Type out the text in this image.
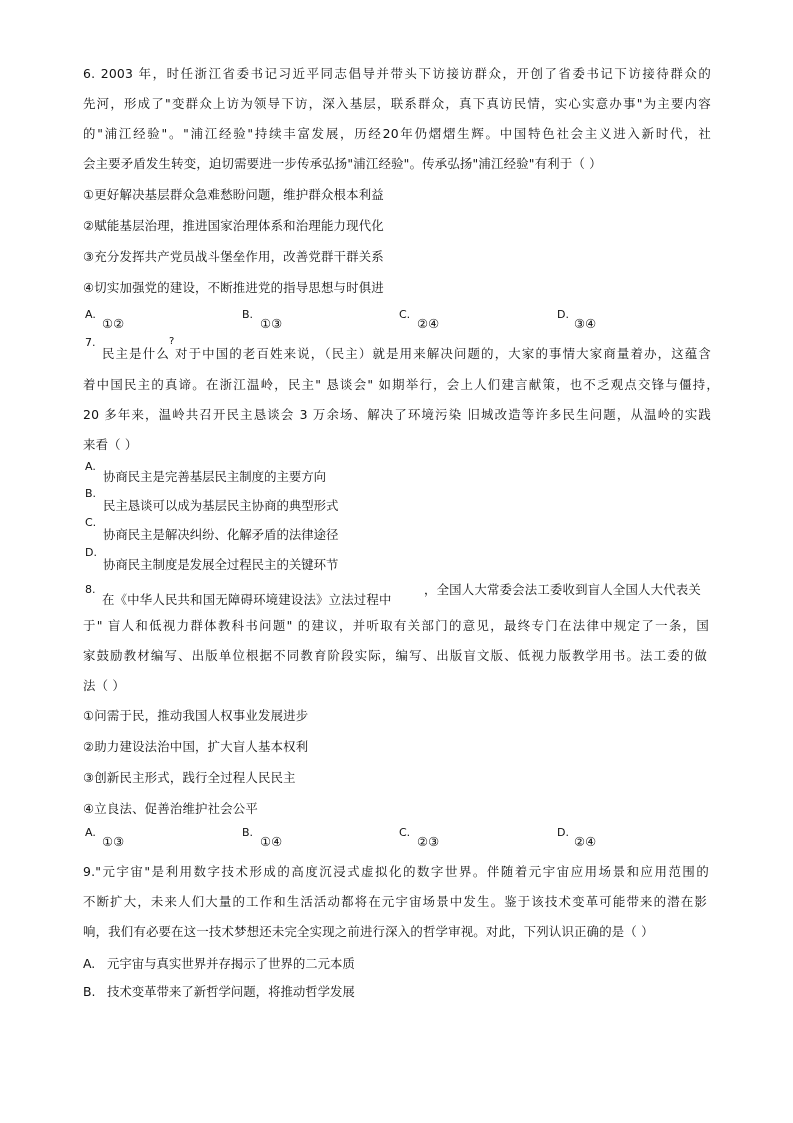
6. 2003 年，时任浙江省委书记习近平同志倡导并带头下访接访群众，开创了省委书记下访接待群众的
先河，形成了"变群众上访为领导下访，深入基层，联系群众，真下真访民情，实心实意办事"为主要内容
的"浦江经验"。"浦江经验"持续丰富发展，历经20年仍熠熠生辉。中国特色社会主义进入新时代，社
会主要矛盾发生转变，迫切需要进一步传承弘扬"浦江经验"。传承弘扬"浦江经验"有利于（ ）
①更好解决基层群众急难愁盼问题，维护群众根本利益
②赋能基层治理，推进国家治理体系和治理能力现代化
③充分发挥共产党员战斗堡垒作用，改善党群干群关系
④切实加强党的建设，不断推进党的指导思想与时俱进
A.
①②
B.
①③
C.
②④
D.
③④
7.	?
民主是什么 对于中国的老百姓来说，（民主）就是用来解决问题的，大家的事情大家商量着办，这蕴含
着中国民主的真谛。在浙江温岭，民主" 恳谈会" 如期举行，会上人们建言献策，也不乏观点交锋与僵持，
20 多年来，温岭共召开民主恳谈会 3 万余场、解决了环境污染 旧城改造等许多民生问题，从温岭的实践
来看（ ）
A.
协商民主是完善基层民主制度的主要方向
B.
民主恳谈可以成为基层民主协商的典型形式
C.
协商民主是解决纠纷、化解矛盾的法律途径
D.
协商民主制度是发展全过程民主的关键环节
8.
在《中华人民共和国无障碍环境建设法》立法过程中
，全国人大常委会法工委收到盲人全国人大代表关
于" 盲人和低视力群体教科书问题" 的建议，并听取有关部门的意见，最终专门在法律中规定了一条，国
家鼓励教材编写、出版单位根据不同教育阶段实际，编写、出版盲文版、低视力版教学用书。法工委的做
法（ ）
①问需于民，推动我国人权事业发展进步
②助力建设法治中国，扩大盲人基本权利
③创新民主形式，践行全过程人民民主
④立良法、促善治维护社会公平
A.
①③
B.
①④
C.
②③
D.
②④
9."元宇宙"是利用数字技术形成的高度沉浸式虚拟化的数字世界。伴随着元宇宙应用场景和应用范围的
不断扩大，未来人们大量的工作和生活活动都将在元宇宙场景中发生。鉴于该技术变革可能带来的潜在影
响，我们有必要在这一技术梦想还未完全实现之前进行深入的哲学审视。对此，下列认识正确的是（ ）
A. 元宇宙与真实世界并存揭示了世界的二元本质
B. 技术变革带来了新哲学问题，将推动哲学发展
